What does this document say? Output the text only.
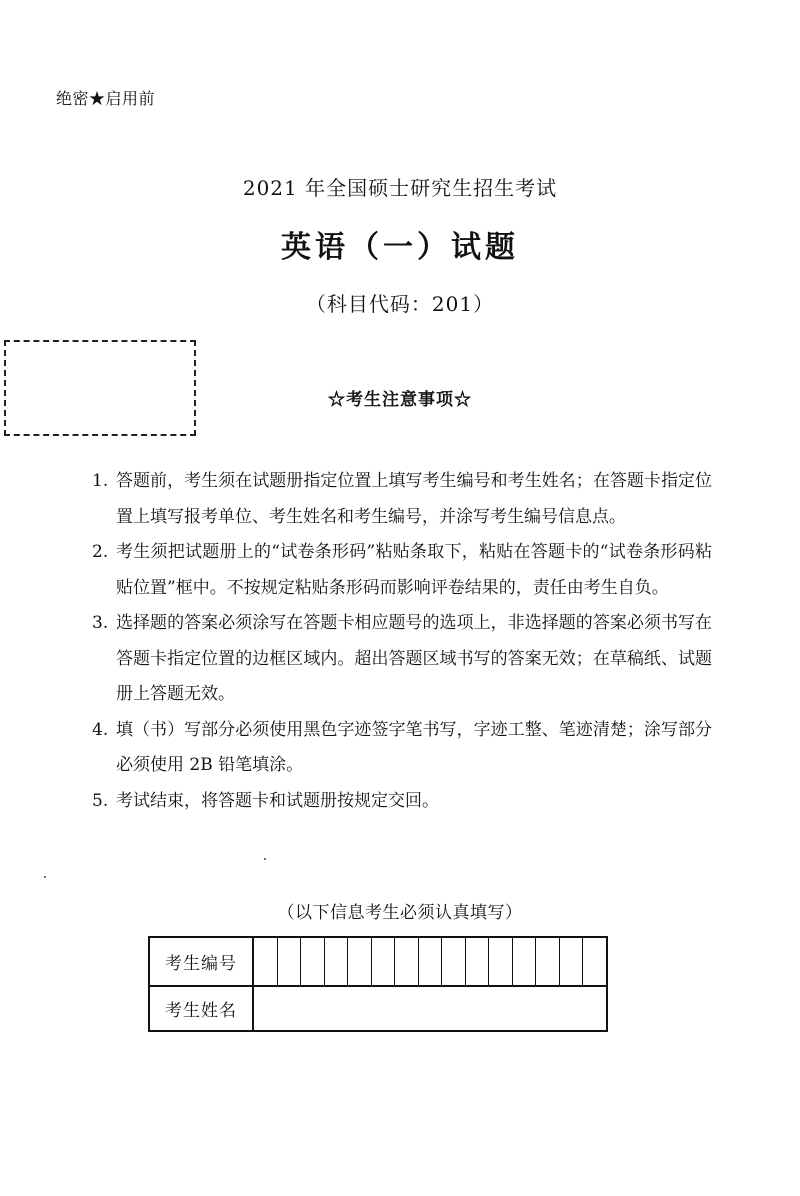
绝密★启用前
2021 年全国硕士研究生招生考试
英语（一）试题
（科目代码：201）
☆考生注意事项☆
1. 答题前，考生须在试题册指定位置上填写考生编号和考生姓名；在答题卡指定位置上填写报考单位、考生姓名和考生编号，并涂写考生编号信息点。
2. 考生须把试题册上的“试卷条形码”粘贴条取下，粘贴在答题卡的“试卷条形码粘贴位置”框中。不按规定粘贴条形码而影响评卷结果的，责任由考生自负。
3. 选择题的答案必须涂写在答题卡相应题号的选项上，非选择题的答案必须书写在答题卡指定位置的边框区域内。超出答题区域书写的答案无效；在草稿纸、试题册上答题无效。
4. 填（书）写部分必须使用黑色字迹签字笔书写，字迹工整、笔迹清楚；涂写部分必须使用 2B 铅笔填涂。
5. 考试结束，将答题卡和试题册按规定交回。
（以下信息考生必须认真填写）
考生编号	

考生姓名	
